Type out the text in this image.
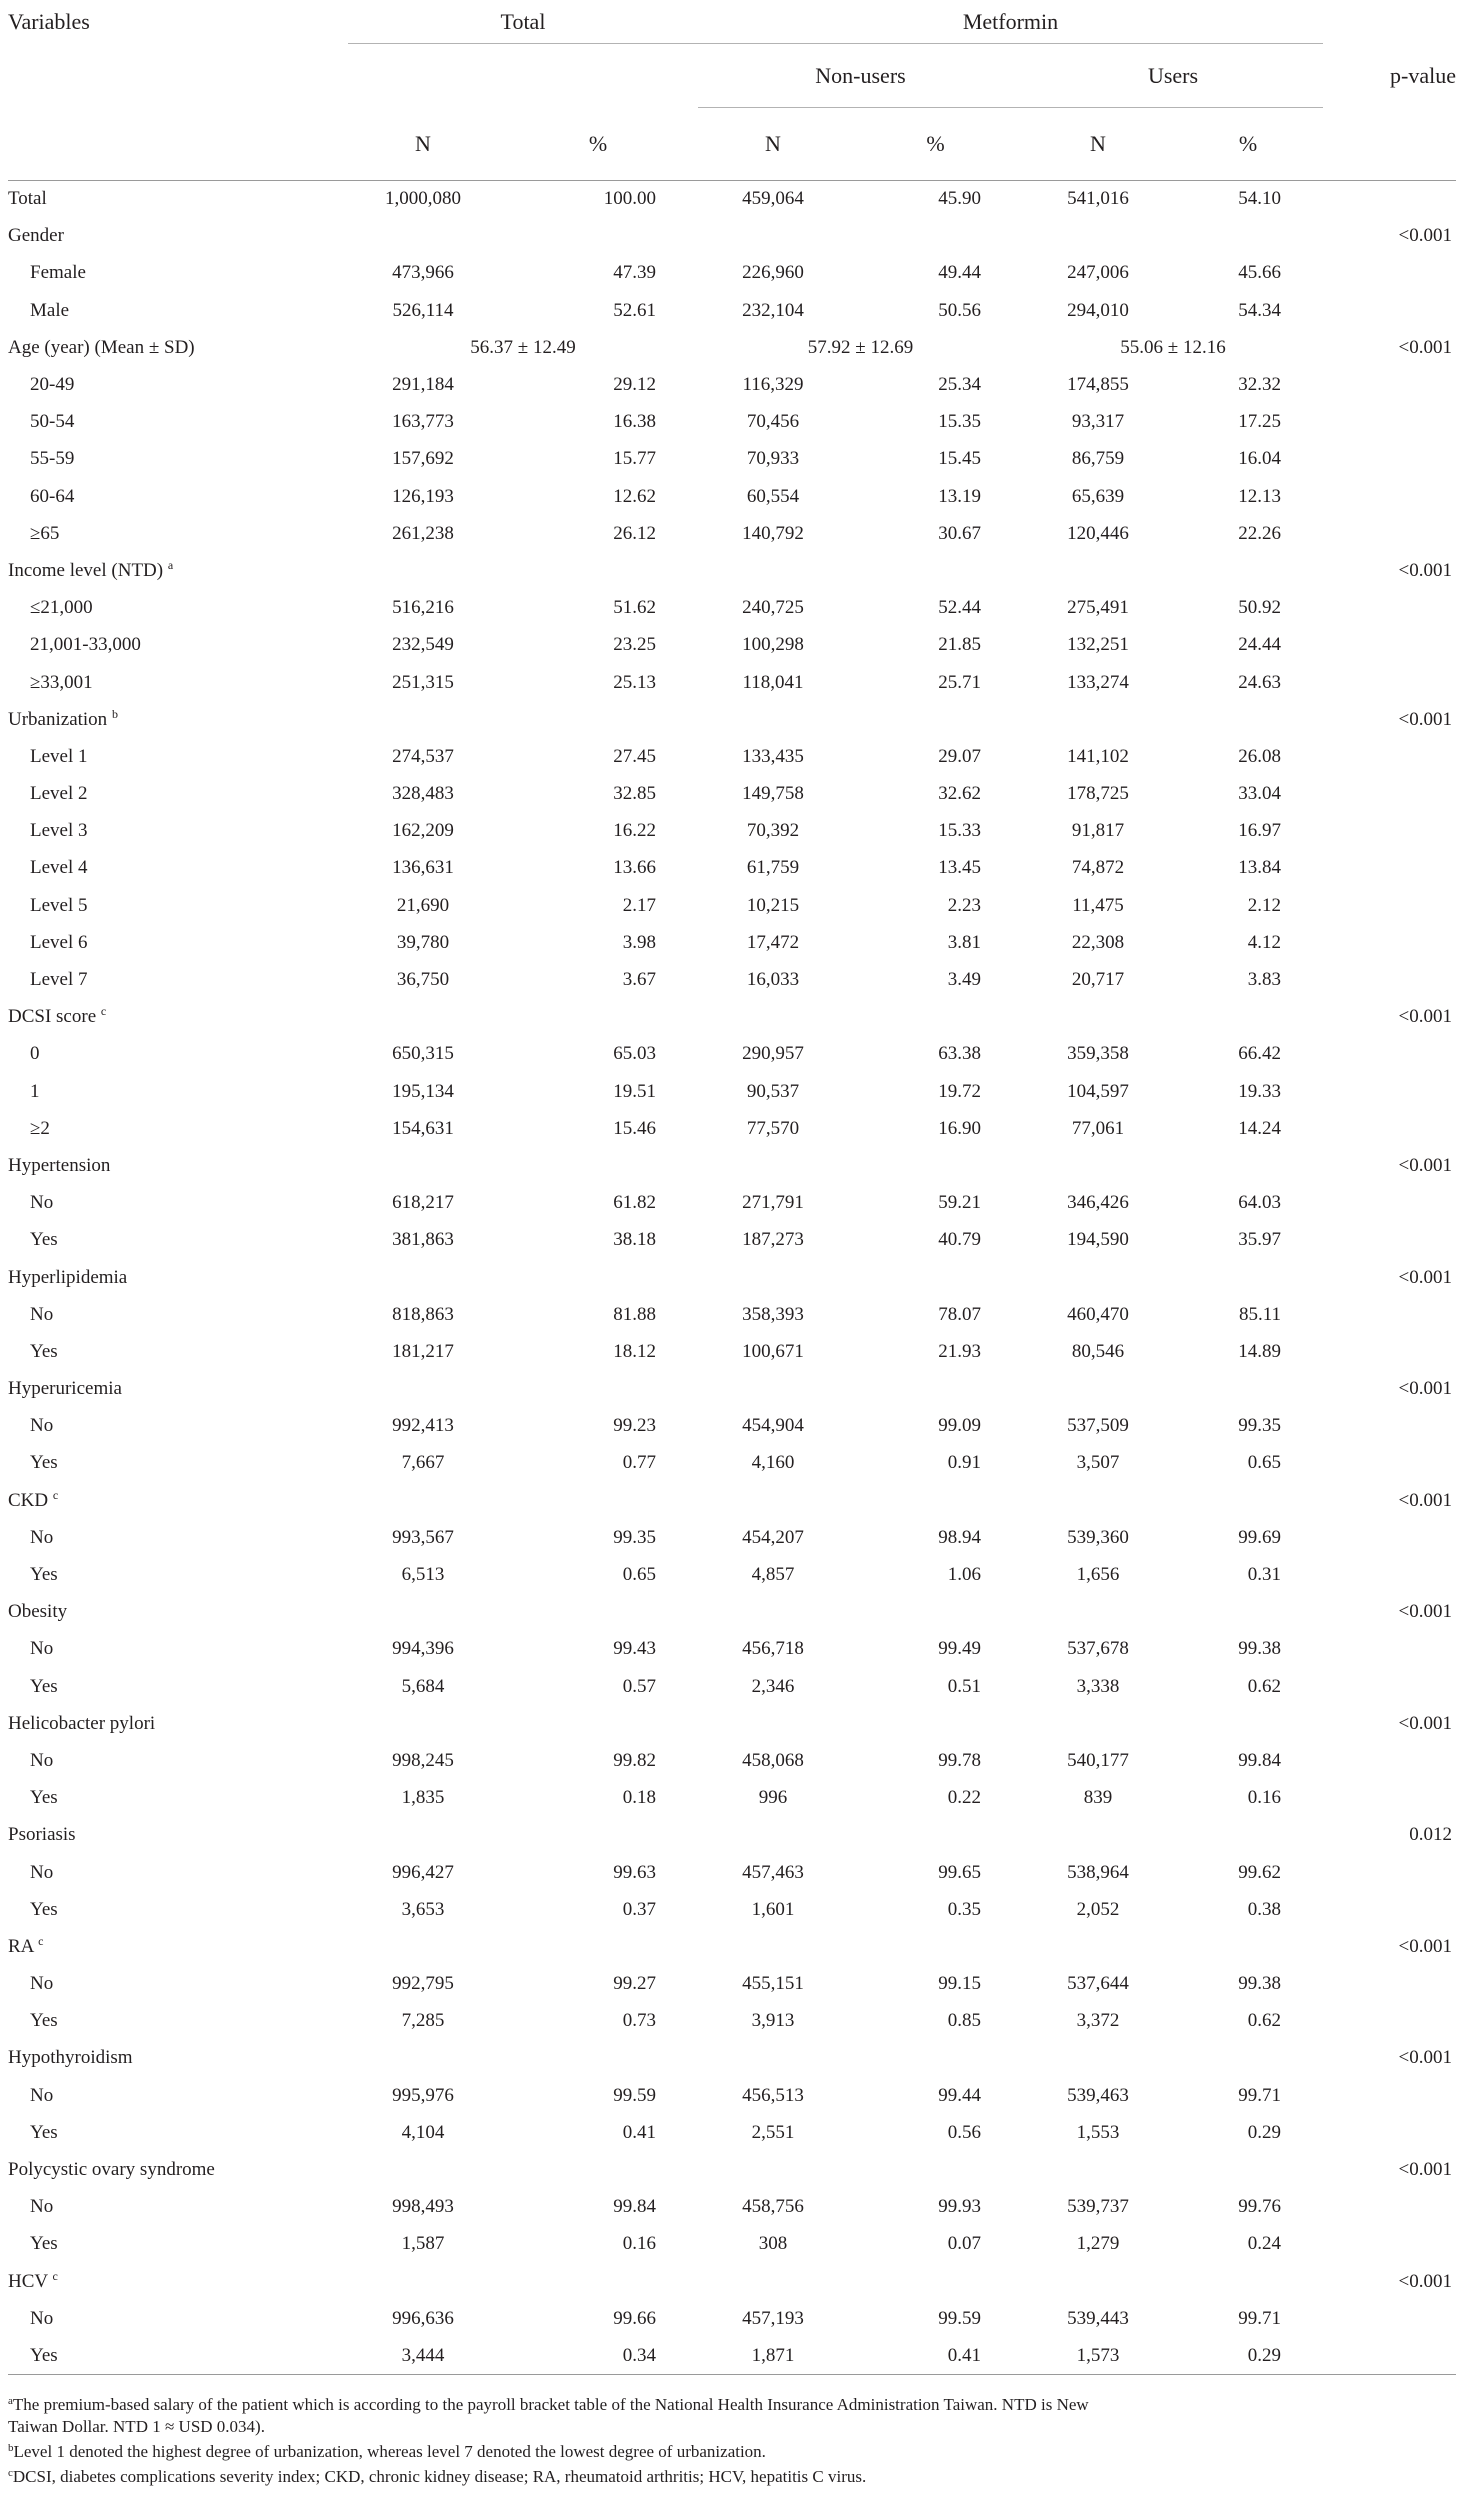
Variables	Total		Metformin				
			Non-users		Users		p-value
	N	%	N	%	N	%	
Total	1,000,080	100.00	459,064	45.90	541,016	54.10	
Gender							<0.001
Female	473,966	47.39	226,960	49.44	247,006	45.66	
Male	526,114	52.61	232,104	50.56	294,010	54.34	
Age (year) (Mean ± SD)	56.37 ± 12.49		57.92 ± 12.69		55.06 ± 12.16		<0.001
20-49	291,184	29.12	116,329	25.34	174,855	32.32	
50-54	163,773	16.38	70,456	15.35	93,317	17.25	
55-59	157,692	15.77	70,933	15.45	86,759	16.04	
60-64	126,193	12.62	60,554	13.19	65,639	12.13	
≥65	261,238	26.12	140,792	30.67	120,446	22.26	
Income level (NTD) $^a$							<0.001
≤21,000	516,216	51.62	240,725	52.44	275,491	50.92	
21,001-33,000	232,549	23.25	100,298	21.85	132,251	24.44	
≥33,001	251,315	25.13	118,041	25.71	133,274	24.63	
Urbanization $^b$							<0.001
Level 1	274,537	27.45	133,435	29.07	141,102	26.08	
Level 2	328,483	32.85	149,758	32.62	178,725	33.04	
Level 3	162,209	16.22	70,392	15.33	91,817	16.97	
Level 4	136,631	13.66	61,759	13.45	74,872	13.84	
Level 5	21,690	2.17	10,215	2.23	11,475	2.12	
Level 6	39,780	3.98	17,472	3.81	22,308	4.12	
Level 7	36,750	3.67	16,033	3.49	20,717	3.83	
DCSI score $^c$							<0.001
0	650,315	65.03	290,957	63.38	359,358	66.42	
1	195,134	19.51	90,537	19.72	104,597	19.33	
≥2	154,631	15.46	77,570	16.90	77,061	14.24	
Hypertension							<0.001
No	618,217	61.82	271,791	59.21	346,426	64.03	
Yes	381,863	38.18	187,273	40.79	194,590	35.97	
Hyperlipidemia							<0.001
No	818,863	81.88	358,393	78.07	460,470	85.11	
Yes	181,217	18.12	100,671	21.93	80,546	14.89	
Hyperuricemia							<0.001
No	992,413	99.23	454,904	99.09	537,509	99.35	
Yes	7,667	0.77	4,160	0.91	3,507	0.65	
CKD $^c$							<0.001
No	993,567	99.35	454,207	98.94	539,360	99.69	
Yes	6,513	0.65	4,857	1.06	1,656	0.31	
Obesity							<0.001
No	994,396	99.43	456,718	99.49	537,678	99.38	
Yes	5,684	0.57	2,346	0.51	3,338	0.62	
Helicobacter pylori							<0.001
No	998,245	99.82	458,068	99.78	540,177	99.84	
Yes	1,835	0.18	996	0.22	839	0.16	
Psoriasis							0.012
No	996,427	99.63	457,463	99.65	538,964	99.62	
Yes	3,653	0.37	1,601	0.35	2,052	0.38	
RA $^c$							<0.001
No	992,795	99.27	455,151	99.15	537,644	99.38	
Yes	7,285	0.73	3,913	0.85	3,372	0.62	
Hypothyroidism							<0.001
No	995,976	99.59	456,513	99.44	539,463	99.71	
Yes	4,104	0.41	2,551	0.56	1,553	0.29	
Polycystic ovary syndrome							<0.001
No	998,493	99.84	458,756	99.93	539,737	99.76	
Yes	1,587	0.16	308	0.07	1,279	0.24	
HCV $^c$							<0.001
No	996,636	99.66	457,193	99.59	539,443	99.71	
Yes	3,444	0.34	1,871	0.41	1,573	0.29	

$^a$The premium-based salary of the patient which is according to the payroll bracket table of the National Health Insurance Administration Taiwan. NTD is New Taiwan Dollar. NTD 1 ≈ USD 0.034).

$^b$Level 1 denoted the highest degree of urbanization, whereas level 7 denoted the lowest degree of urbanization.

$^c$DCSI, diabetes complications severity index; CKD, chronic kidney disease; RA, rheumatoid arthritis; HCV, hepatitis C virus.
